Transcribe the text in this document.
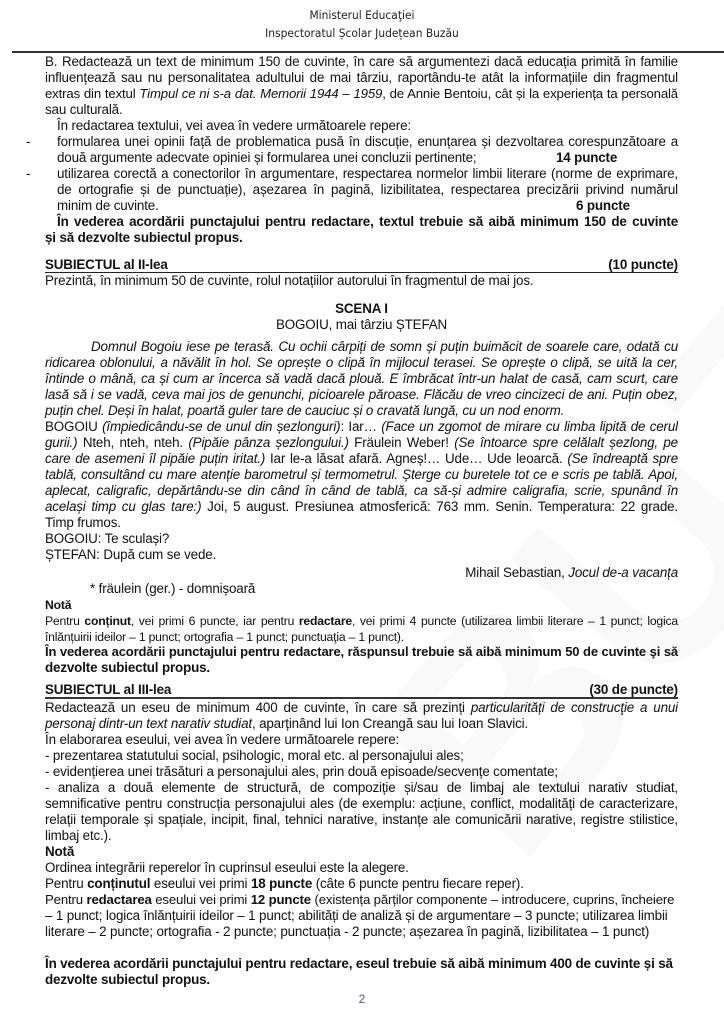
Ministerul Educaţiei
Inspectoratul Școlar Județean Buzău
B. Redactează un text de minimum 150 de cuvinte, în care să argumentezi dacă educația primită în familie
influențează sau nu personalitatea adultului de mai târziu, raportându-te atât la informațiile din fragmentul
extras din textul Timpul ce ni s-a dat. Memorii 1944 – 1959, de Annie Bentoiu, cât și la experiența ta personală
sau culturală.
În redactarea textului, vei avea în vedere următoarele repere:
-	formularea unei opinii față de problematica pusă în discuție, enunțarea și dezvoltarea corespunzătoare a
două argumente adecvate opiniei și formularea unei concluzii pertinente;	14 puncte
-	utilizarea corectă a conectorilor în argumentare, respectarea normelor limbii literare (norme de exprimare,
de ortografie și de punctuație), așezarea în pagină, lizibilitatea, respectarea precizării privind numărul
minim de cuvinte.	6 puncte
În vederea acordării punctajului pentru redactare, textul trebuie să aibă minimum 150 de cuvinte
și să dezvolte subiectul propus.
SUBIECTUL al II-lea	(10 puncte)
Prezintă, în minimum 50 de cuvinte, rolul notațiilor autorului în fragmentul de mai jos.
SCENA I
BOGOIU, mai târziu ȘTEFAN
Domnul Bogoiu iese pe terasă. Cu ochii cârpiți de somn și puțin buimăcit de soarele care, odată cu
ridicarea oblonului, a năvălit în hol. Se oprește o clipă în mijlocul terasei. Se oprește o clipă, se uită la cer,
întinde o mână, ca și cum ar încerca să vadă dacă plouă. E îmbrăcat într-un halat de casă, cam scurt, care
lasă să i se vadă, ceva mai jos de genunchi, picioarele păroase. Flăcău de vreo cincizeci de ani. Puțin obez,
puțin chel. Deși în halat, poartă guler tare de cauciuc și o cravată lungă, cu un nod enorm.
BOGOIU (împiedicându-se de unul din șezlonguri): Iar… (Face un zgomot de mirare cu limba lipită de cerul
gurii.) Nteh, nteh, nteh. (Pipăie pânza șezlongului.) Fräulein Weber! (Se întoarce spre celălalt șezlong, pe
care de asemeni îl pipăie puțin iritat.) Iar le-a lăsat afară. Agneș!… Ude… Ude leoarcă. (Se îndreaptă spre
tablă, consultând cu mare atenție barometrul și termometrul. Șterge cu buretele tot ce e scris pe tablă. Apoi,
aplecat, caligrafic, depărtându-se din când în când de tablă, ca să-și admire caligrafia, scrie, spunând în
același timp cu glas tare:) Joi, 5 august. Presiunea atmosferică: 763 mm. Senin. Temperatura: 22 grade.
Timp frumos.
BOGOIU: Te sculași?
ȘTEFAN: După cum se vede.
Mihail Sebastian, Jocul de-a vacanța
* fräulein (ger.) - domnișoară
Notă
Pentru conținut, vei primi 6 puncte, iar pentru redactare, vei primi 4 puncte (utilizarea limbii literare – 1 punct; logica
înlănțuirii ideilor – 1 punct; ortografia – 1 punct; punctuaţia – 1 punct).
În vederea acordării punctajului pentru redactare, răspunsul trebuie să aibă minimum 50 de cuvinte şi să
dezvolte subiectul propus.
SUBIECTUL al III-lea	(30 de puncte)
Redactează un eseu de minimum 400 de cuvinte, în care să prezinți particularități de construcţie a unui
personaj dintr-un text narativ studiat, aparținând lui Ion Creangă sau lui Ioan Slavici.
În elaborarea eseului, vei avea în vedere următoarele repere:
- prezentarea statutului social, psihologic, moral etc. al personajului ales;
- evidențierea unei trăsături a personajului ales, prin două episoade/secvențe comentate;
- analiza a două elemente de structură, de compoziție și/sau de limbaj ale textului narativ studiat,
semnificative pentru construcția personajului ales (de exemplu: acțiune, conflict, modalități de caracterizare,
relații temporale și spațiale, incipit, final, tehnici narative, instanțe ale comunicării narative, registre stilistice,
limbaj etc.).
Notă
Ordinea integrării reperelor în cuprinsul eseului este la alegere.
Pentru conținutul eseului vei primi 18 puncte (câte 6 puncte pentru fiecare reper).
Pentru redactarea eseului vei primi 12 puncte (existența părților componente – introducere, cuprins, încheiere
– 1 punct; logica înlănțuirii ideilor – 1 punct; abilități de analiză și de argumentare – 3 puncte; utilizarea limbii
literare – 2 puncte; ortografia - 2 puncte; punctuația - 2 puncte; așezarea în pagină, lizibilitatea – 1 punct)
În vederea acordării punctajului pentru redactare, eseul trebuie să aibă minimum 400 de cuvinte și să
dezvolte subiectul propus.
2
